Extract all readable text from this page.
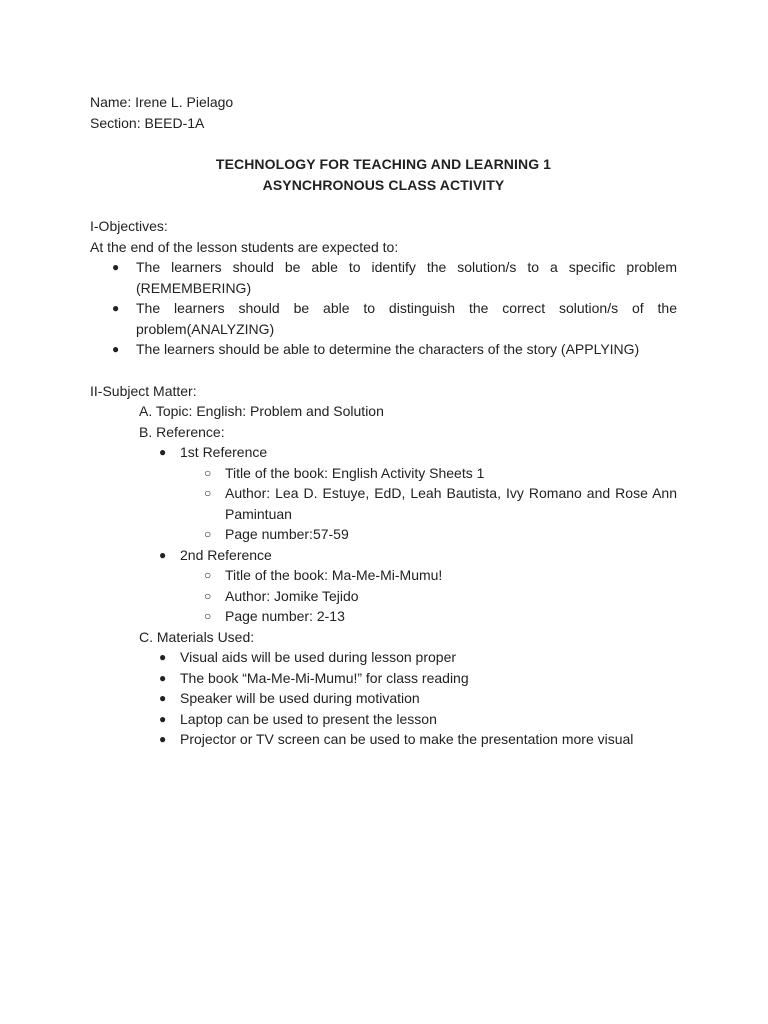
Name: Irene L. Pielago
Section: BEED-1A
TECHNOLOGY FOR TEACHING AND LEARNING 1
ASYNCHRONOUS CLASS ACTIVITY
I-Objectives:
At the end of the lesson students are expected to:
● The learners should be able to identify the solution/s to a specific problem (REMEMBERING)
● The learners should be able to distinguish the correct solution/s of the problem(ANALYZING)
● The learners should be able to determine the characters of the story (APPLYING)
II-Subject Matter:
A. Topic: English: Problem and Solution
B. Reference:
● 1st Reference
○ Title of the book: English Activity Sheets 1
○ Author: Lea D. Estuye, EdD, Leah Bautista, Ivy Romano and Rose Ann Pamintuan
○ Page number:57-59
● 2nd Reference
○ Title of the book: Ma-Me-Mi-Mumu!
○ Author: Jomike Tejido
○ Page number: 2-13
C. Materials Used:
● Visual aids will be used during lesson proper
● The book “Ma-Me-Mi-Mumu!” for class reading
● Speaker will be used during motivation
● Laptop can be used to present the lesson
● Projector or TV screen can be used to make the presentation more visual
